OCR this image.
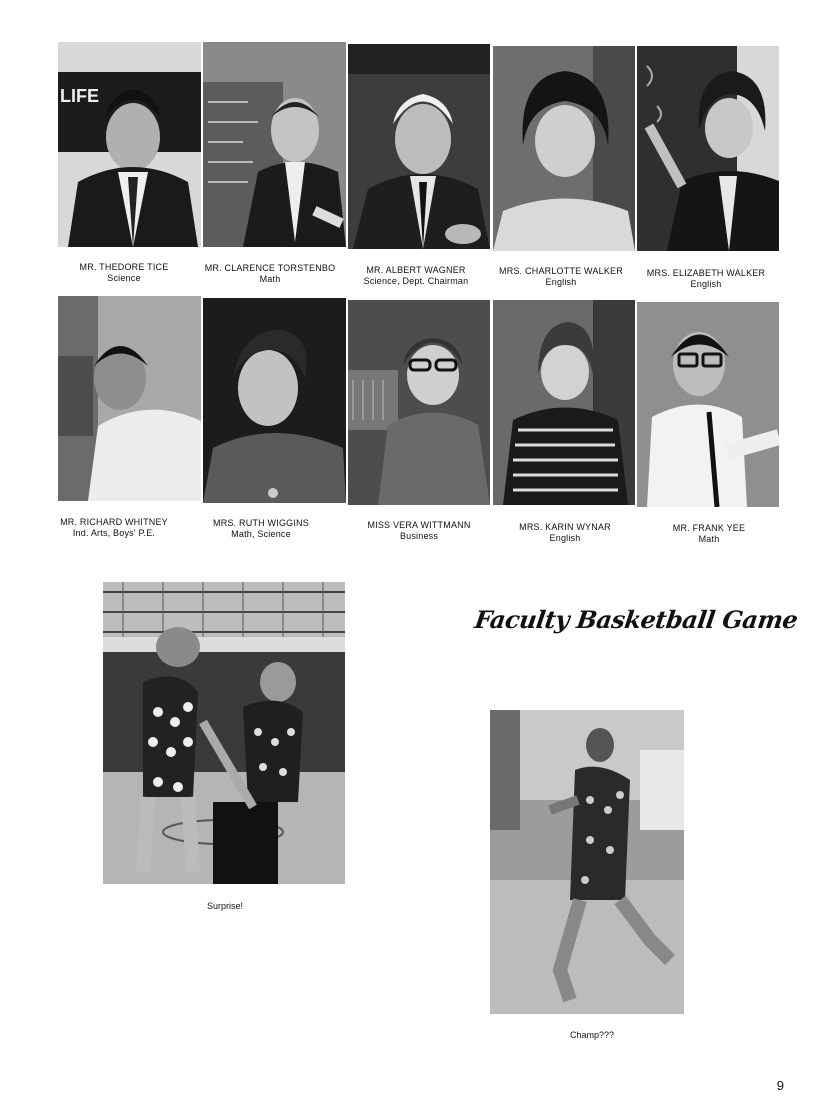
LIFE
MR. THEDORE TICE
Science
MR. CLARENCE TORSTENBO
Math
MR. ALBERT WAGNER
Science, Dept. Chairman
MRS. CHARLOTTE WALKER
English
MRS. ELIZABETH WALKER
English
MR. RICHARD WHITNEY
Ind. Arts, Boys' P.E.
MRS. RUTH WIGGINS
Math, Science
MISS VERA WITTMANN
Business
MRS. KARIN WYNAR
English
MR. FRANK YEE
Math
Faculty Basketball Game
Surprise!
Champ???
9
